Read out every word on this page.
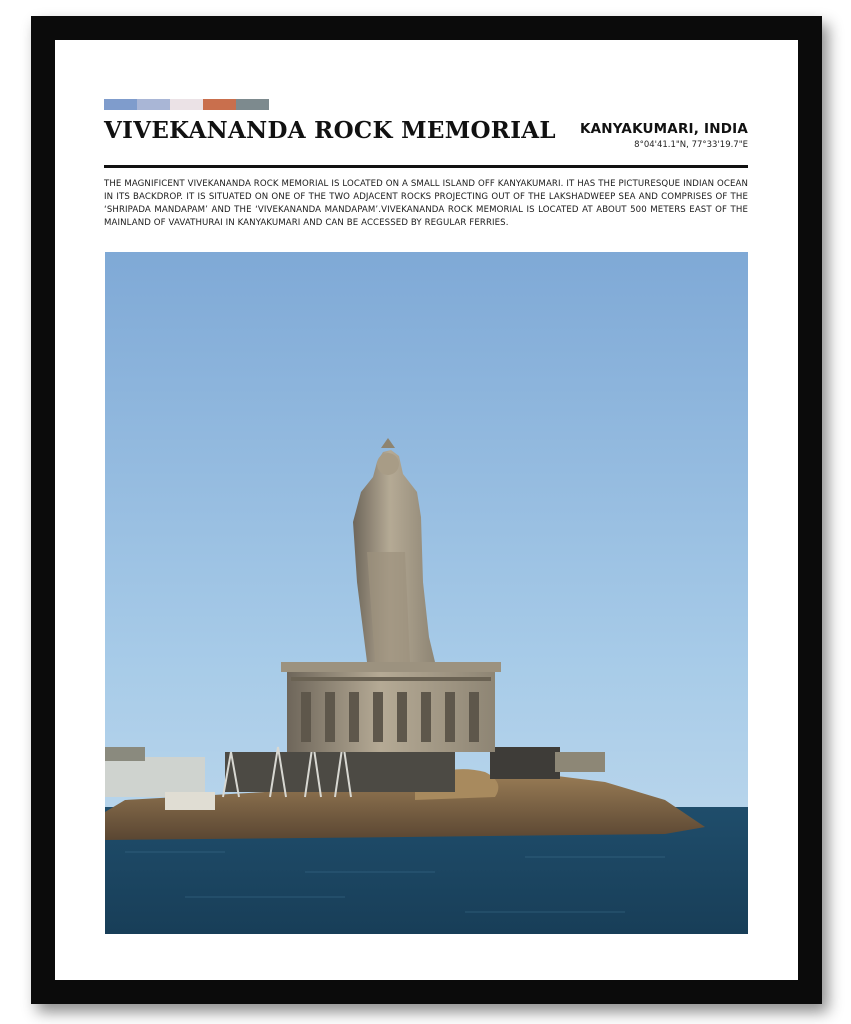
VIVEKANANDA ROCK MEMORIAL KANYAKUMARI, INDIA
8°04'41.1"N, 77°33'19.7"E
THE MAGNIFICENT VIVEKANANDA ROCK MEMORIAL IS LOCATED ON A SMALL ISLAND OFF KANYAKUMARI. IT HAS THE PICTURESQUE INDIAN OCEAN IN ITS BACKDROP. IT IS SITUATED ON ONE OF THE TWO ADJACENT ROCKS PROJECTING OUT OF THE LAKSHADWEEP SEA AND COMPRISES OF THE ‘SHRIPADA MANDAPAM’ AND THE ‘VIVEKANANDA MANDAPAM’.VIVEKANANDA ROCK MEMORIAL IS LOCATED AT ABOUT 500 METERS EAST OF THE MAINLAND OF VAVATHURAI IN KANYAKUMARI AND CAN BE ACCESSED BY REGULAR FERRIES.
